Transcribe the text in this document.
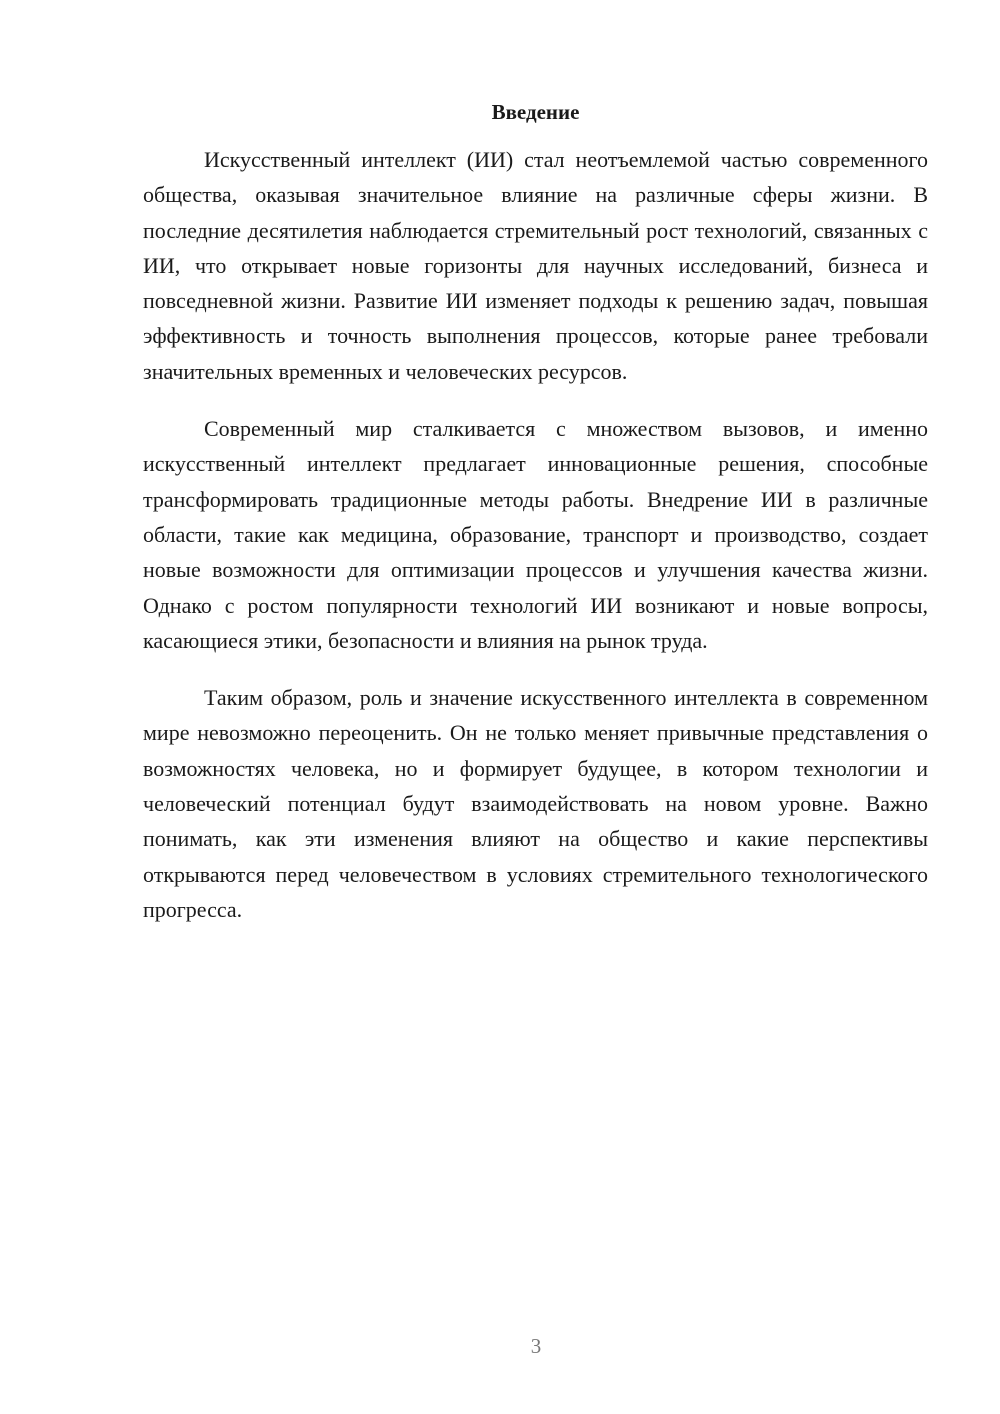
Введение

Искусственный интеллект (ИИ) стал неотъемлемой частью современного общества, оказывая значительное влияние на различные сферы жизни. В последние десятилетия наблюдается стремительный рост технологий, связанных с ИИ, что открывает новые горизонты для научных исследований, бизнеса и повседневной жизни. Развитие ИИ изменяет подходы к решению задач, повышая эффективность и точность выполнения процессов, которые ранее требовали значительных временных и человеческих ресурсов.

Современный мир сталкивается с множеством вызовов, и именно искусственный интеллект предлагает инновационные решения, способные трансформировать традиционные методы работы. Внедрение ИИ в различные области, такие как медицина, образование, транспорт и производство, создает новые возможности для оптимизации процессов и улучшения качества жизни. Однако с ростом популярности технологий ИИ возникают и новые вопросы, касающиеся этики, безопасности и влияния на рынок труда.

Таким образом, роль и значение искусственного интеллекта в современном мире невозможно переоценить. Он не только меняет привычные представления о возможностях человека, но и формирует будущее, в котором технологии и человеческий потенциал будут взаимодействовать на новом уровне. Важно понимать, как эти изменения влияют на общество и какие перспективы открываются перед человечеством в условиях стремительного технологического прогресса.

3
